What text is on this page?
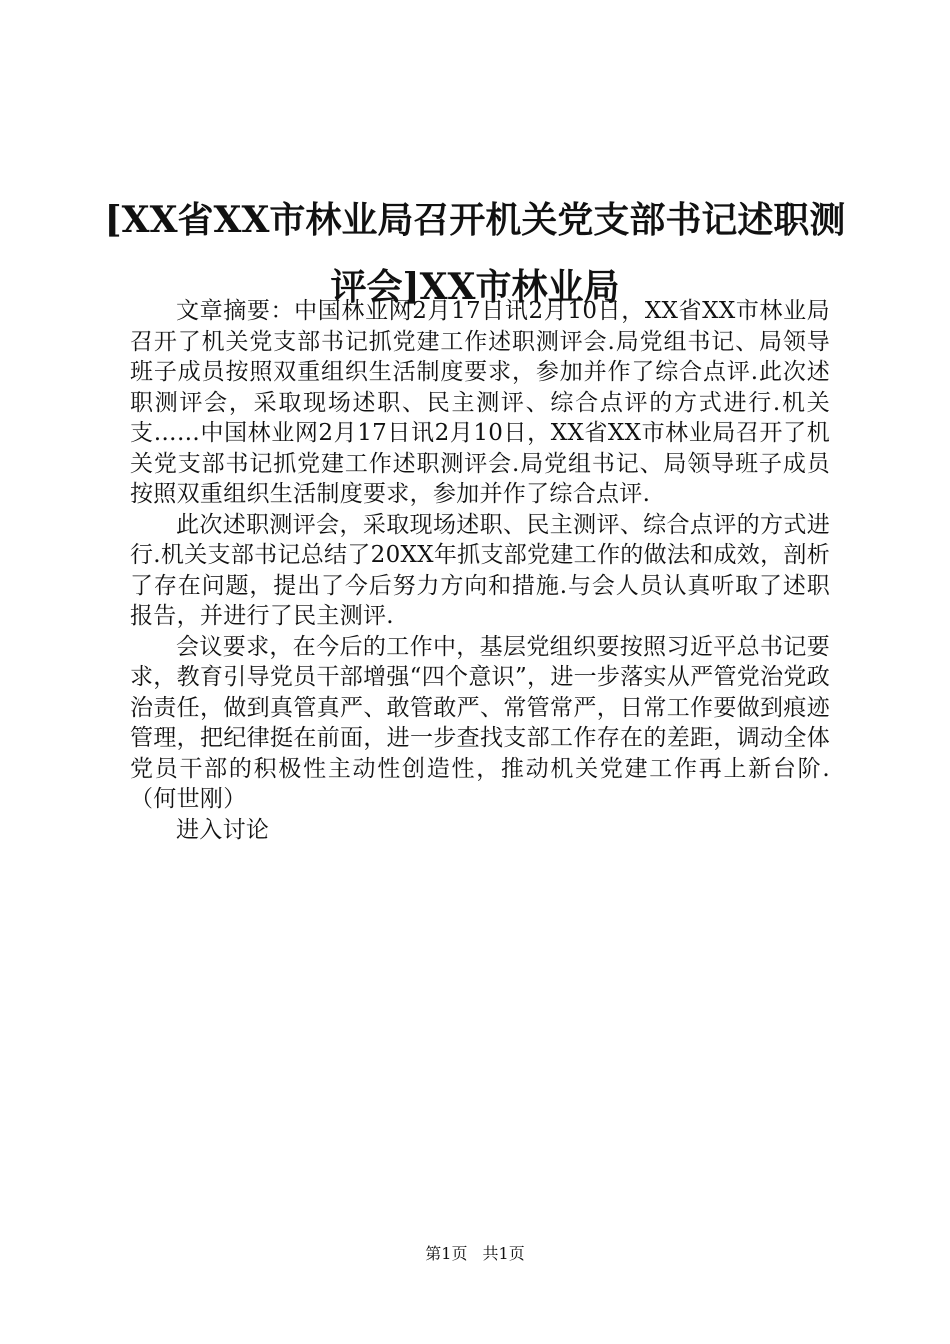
[XX省XX市林业局召开机关党支部书记述职测
评会]XX市林业局

文章摘要：中国林业网2月17日讯2月10日，XX省XX市林业局召开了机关党支部书记抓党建工作述职测评会.局党组书记、局领导班子成员按照双重组织生活制度要求，参加并作了综合点评.此次述职测评会，采取现场述职、民主测评、综合点评的方式进行.机关支……中国林业网2月17日讯2月10日，XX省XX市林业局召开了机关党支部书记抓党建工作述职测评会.局党组书记、局领导班子成员按照双重组织生活制度要求，参加并作了综合点评.

此次述职测评会，采取现场述职、民主测评、综合点评的方式进行.机关支部书记总结了20XX年抓支部党建工作的做法和成效，剖析了存在问题，提出了今后努力方向和措施.与会人员认真听取了述职报告，并进行了民主测评.

会议要求，在今后的工作中，基层党组织要按照习近平总书记要求，教育引导党员干部增强“四个意识”，进一步落实从严管党治党政治责任，做到真管真严、敢管敢严、常管常严，日常工作要做到痕迹管理，把纪律挺在前面，进一步查找支部工作存在的差距，调动全体党员干部的积极性主动性创造性，推动机关党建工作再上新台阶.（何世刚）

进入讨论

第1页 共1页
